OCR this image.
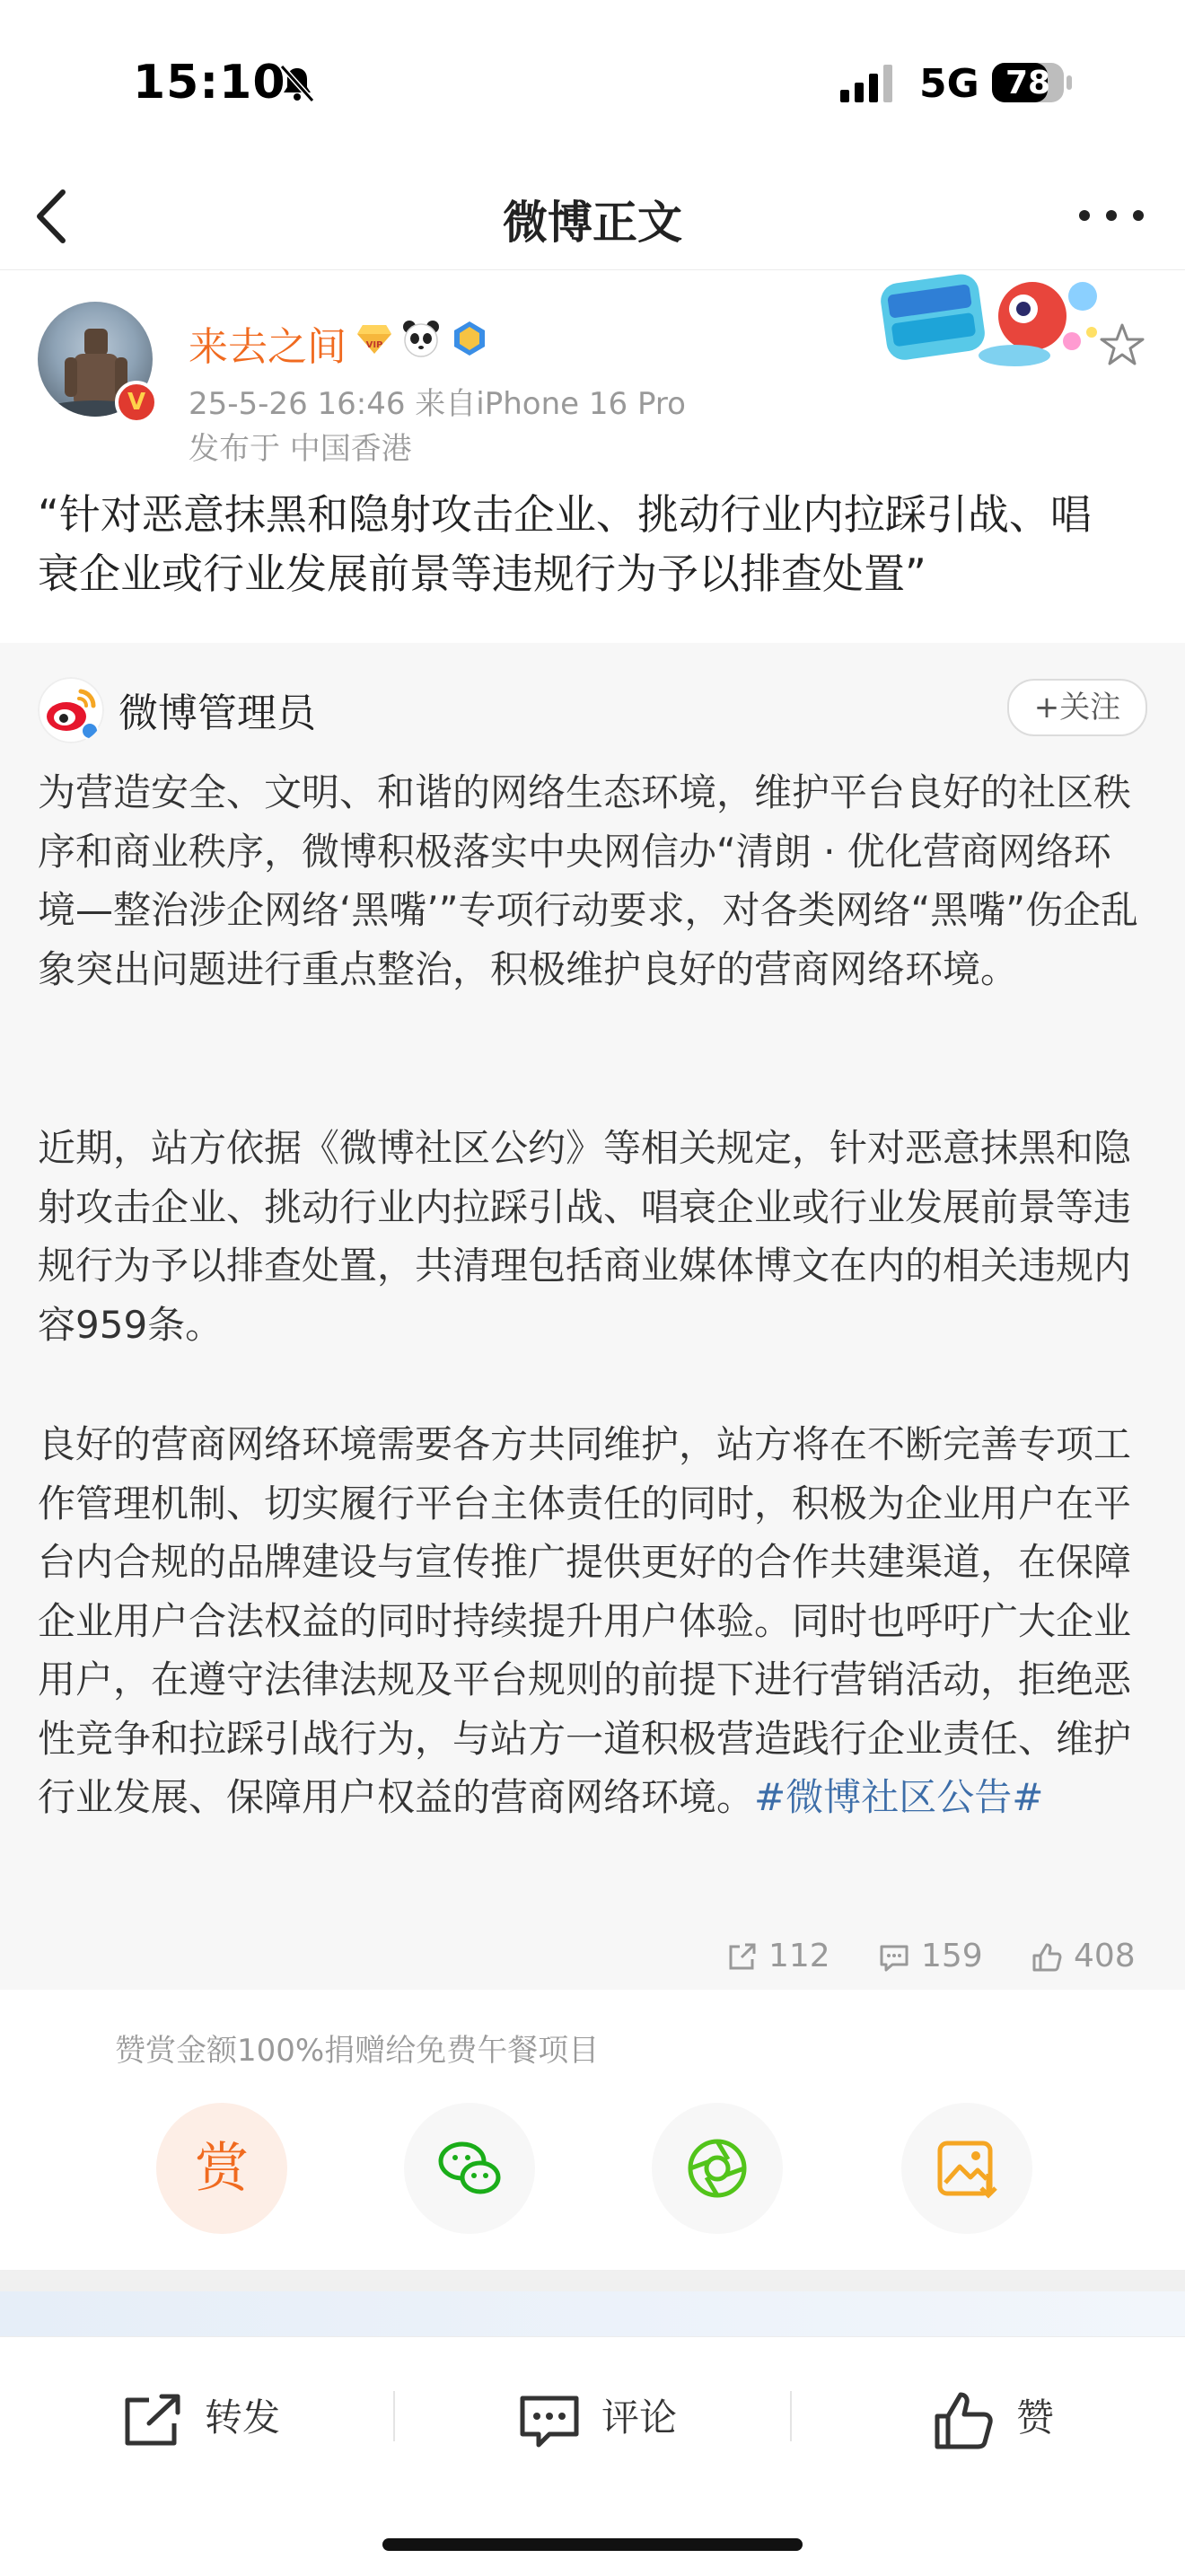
15:10	5G 78
微博正文
V
来去之间 VIP
25-5-26 16:46 来自iPhone 16 Pro
发布于 中国香港
“针对恶意抹黑和隐射攻击企业、挑动行业内拉踩引战、唱
衰企业或行业发展前景等违规行为予以排查处置”
微博管理员	+关注
为营造安全、文明、和谐的网络生态环境，维护平台良好的社区秩序和商业秩序，微博积极落实中央网信办“清朗 · 优化营商网络环境—整治涉企网络‘黑嘴’”专项行动要求，对各类网络“黑嘴”伤企乱象突出问题进行重点整治，积极维护良好的营商网络环境。
近期，站方依据《微博社区公约》等相关规定，针对恶意抹黑和隐射攻击企业、挑动行业内拉踩引战、唱衰企业或行业发展前景等违规行为予以排查处置，共清理包括商业媒体博文在内的相关违规内容959条。
良好的营商网络环境需要各方共同维护，站方将在不断完善专项工作管理机制、切实履行平台主体责任的同时，积极为企业用户在平台内合规的品牌建设与宣传推广提供更好的合作共建渠道，在保障企业用户合法权益的同时持续提升用户体验。同时也呼吁广大企业用户，在遵守法律法规及平台规则的前提下进行营销活动，拒绝恶性竞争和拉踩引战行为，与站方一道积极营造践行企业责任、维护行业发展、保障用户权益的营商网络环境。#微博社区公告#
112	159	408
赞赏金额100%捐赠给免费午餐项目
赏
转发	评论	赞
